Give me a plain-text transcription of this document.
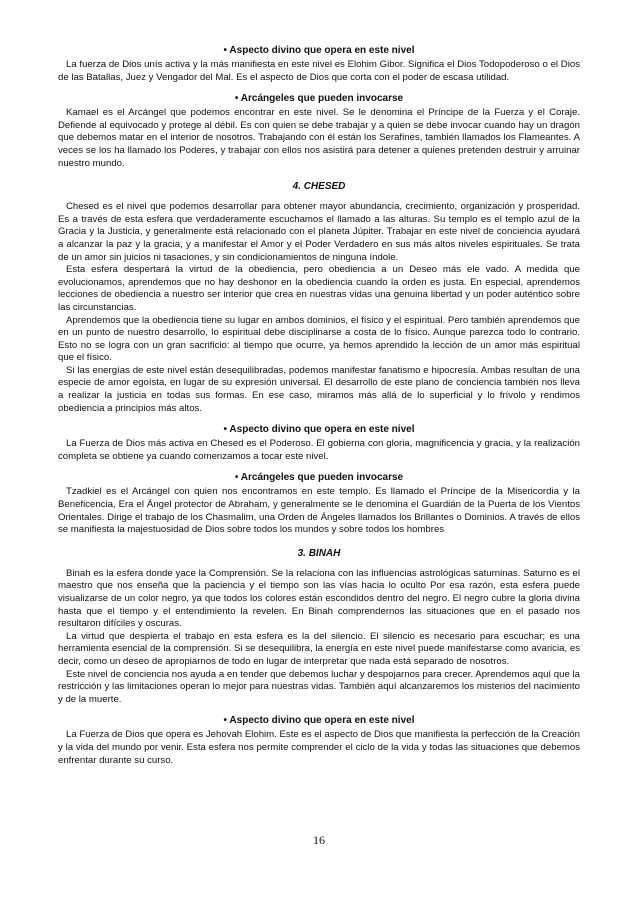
• Aspecto divino que opera en este nivel
La fuerza de Dios unís activa y la más manifiesta en este nivel es Elohim Gibor. Significa el Dios Todopoderoso o el Dios de las Batallas, Juez y Vengador del Mal. Es el aspecto de Dios que corta con el poder de escasa utilidad.
• Arcángeles que pueden invocarse
Kamael es el Arcángel que podemos encontrar en este nivel. Se le denomina el Príncipe de la Fuerza y el Coraje. Defiende al equivocado y protege al débil. Es con quien se debe trabajar y a quien se debe invocar cuando hay un dragón que debemos matar en el interior de nosotros. Trabajando con él están los Serafines, también llamados los Flameantes. A veces se los ha llamado los Poderes, y trabajar con ellos nos asistirá para detener a quienes pretenden destruir y arruinar nuestro mundo.
4. CHESED
Chesed es el nivel que podemos desarrollar para obtener mayor abundancia, crecimiento, organización y prosperidad. Es a través de esta esfera que verdaderamente escuchamos el llamado a las alturas. Su templo es el templo azul de la Gracia y la Justicia, y generalmente está relacionado con el planeta Júpiter. Trabajar en este nivel de conciencia ayudará a alcanzar la paz y la gracia, y a manifestar el Amor y el Poder Verdadero en sus más altos niveles espirituales. Se trata de un amor sin juicios ni tasaciones, y sin condicionamientos de ninguna índole.
Esta esfera despertará la virtud de la obediencia, pero obediencia a un Deseo más ele vado. A medida que evolucionamos, aprendemos que no hay deshonor en la obediencia cuando la orden es justa. En especial, aprendemos lecciones de obediencia a nuestro ser interior que crea en nuestras vidas una genuina libertad y un poder auténtico sobre las circunstancias.
Aprendemos que la obediencia tiene su lugar en ambos dominios, el físico y el espiritual. Pero también aprendemos que en un punto de nuestro desarrollo, lo espiritual debe disciplinarse a costa de lo físico. Aunque parezca todo lo contrario. Esto no se logra con un gran sacrificio: al tiempo que ocurre, ya hemos aprendido la lección de un amor más espiritual que el físico.
Si las energías de este nivel están desequilibradas, podemos manifestar fanatismo e hipocresía. Ambas resultan de una especie de amor egoísta, en lugar de su expresión universal. El desarrollo de este plano de conciencia también nos lleva a realizar la justicia en todas sus formas. En ese caso, miramos más allá de lo superficial y lo frívolo y rendimos obediencia a principios más altos.
• Aspecto divino que opera en este nivel
La Fuerza de Dios más activa en Chesed es el Poderoso. El gobierna con gloria, magnificencia y gracia, y la realización completa se obtiene ya cuando comenzamos a tocar este nivel.
• Arcángeles que pueden invocarse
Tzadkiel es el Arcángel con quien nos encontramos en este templo. Es llamado el Príncipe de la Misericordia y la Beneficencia, Era el Ángel protector de Abraham, y generalmente se le denomina el Guardián de la Puerta de los Vientos Orientales. Dirige el trabajo de los Chasmalim, una Orden de Ángeles llamados los Brillantes o Dominios. A través de ellos se manifiesta la majestuosidad de Dios sobre todos los mundos y sobre todos los hombres
3. BINAH
Binah es la esfera donde yace la Comprensión. Se la relaciona con las influencias astrológicas saturninas. Saturno es el maestro que nos enseña que la paciencia y el tiempo son las vías hacia lo oculto Por esa razón, esta esfera puede visualizarse de un color negro, ya que todos los colores están escondidos dentro del negro. El negro cubre la gloria divina hasta que el tiempo y el entendimiento la revelen. En Binah comprendernos las situaciones que en el pasado nos resultaron difíciles y oscuras.
La virtud que despierta el trabajo en esta esfera es la del silencio. El silencio es necesario para escuchar; es una herramienta esencial de la comprensión. Si se desequilibra, la energía en este nivel puede manifestarse como avaricia, es decir, como un deseo de apropiarnos de todo en lugar de interpretar que nada está separado de nosotros.
Este nivel de conciencia nos ayuda a en tender que debemos luchar y despojarnos para crecer. Aprendemos aquí que la restricción y las limitaciones operan lo mejor para nuestras vidas. También aquí alcanzaremos los misterios del nacimiento y de la muerte.
• Aspecto divino que opera en este nivel
La Fuerza de Dios que opera es Jehovah Elohim. Este es el aspecto de Dios que manifiesta la perfección de la Creación y la vida del mundo por venir. Esta esfera nos permite comprender el ciclo de la vida y todas las situaciones que debemos enfrentar durante su curso.
16
